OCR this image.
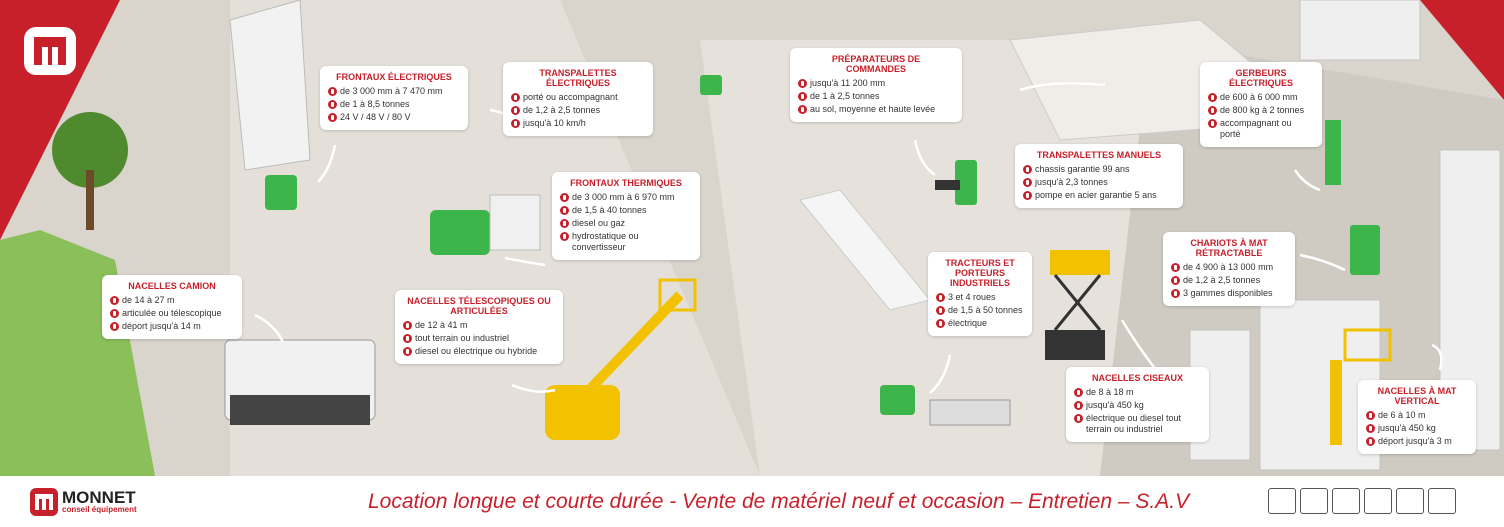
FRONTAUX ÉLECTRIQUES
de 3 000 mm à 7 470 mm
de 1 à 8,5 tonnes
24 V / 48 V / 80 V
TRANSPALETTES ÉLECTRIQUES
porté ou accompagnant
de 1,2 à 2,5 tonnes
jusqu'à 10 km/h
PRÉPARATEURS DE COMMANDES
jusqu'à 11 200 mm
de 1 à 2,5 tonnes
au sol, moyenne et haute levée
GERBEURS ÉLECTRIQUES
de 600 à 6 000 mm
de 800 kg à 2 tonnes
accompagnant ou porté
FRONTAUX THERMIQUES
de 3 000 mm à 6 970 mm
de 1,5 à 40 tonnes
diesel ou gaz
hydrostatique ou convertisseur
TRANSPALETTES MANUELS
chassis garantie 99 ans
jusqu'à 2,3 tonnes
pompe en acier garantie 5 ans
NACELLES CAMION
de 14 à 27 m
articulée ou télescopique
déport jusqu'à 14 m
NACELLES TÉLESCOPIQUES OU ARTICULÉES
de 12 à 41 m
tout terrain ou industriel
diesel ou électrique ou hybride
TRACTEURS ET PORTEURS INDUSTRIELS
3 et 4 roues
de 1,5 à 50 tonnes
électrique
CHARIOTS À MAT RÉTRACTABLE
de 4 900 à 13 000 mm
de 1,2 à 2,5 tonnes
3 gammes disponibles
NACELLES CISEAUX
de 8 à 18 m
jusqu'à 450 kg
électrique ou diesel tout terrain ou industriel
NACELLES À MAT VERTICAL
de 6 à 10 m
jusqu'à 450 kg
déport jusqu'à 3 m
MONNET
conseil équipement	Location longue et courte durée - Vente de matériel neuf et occasion – Entretien – S.A.V
